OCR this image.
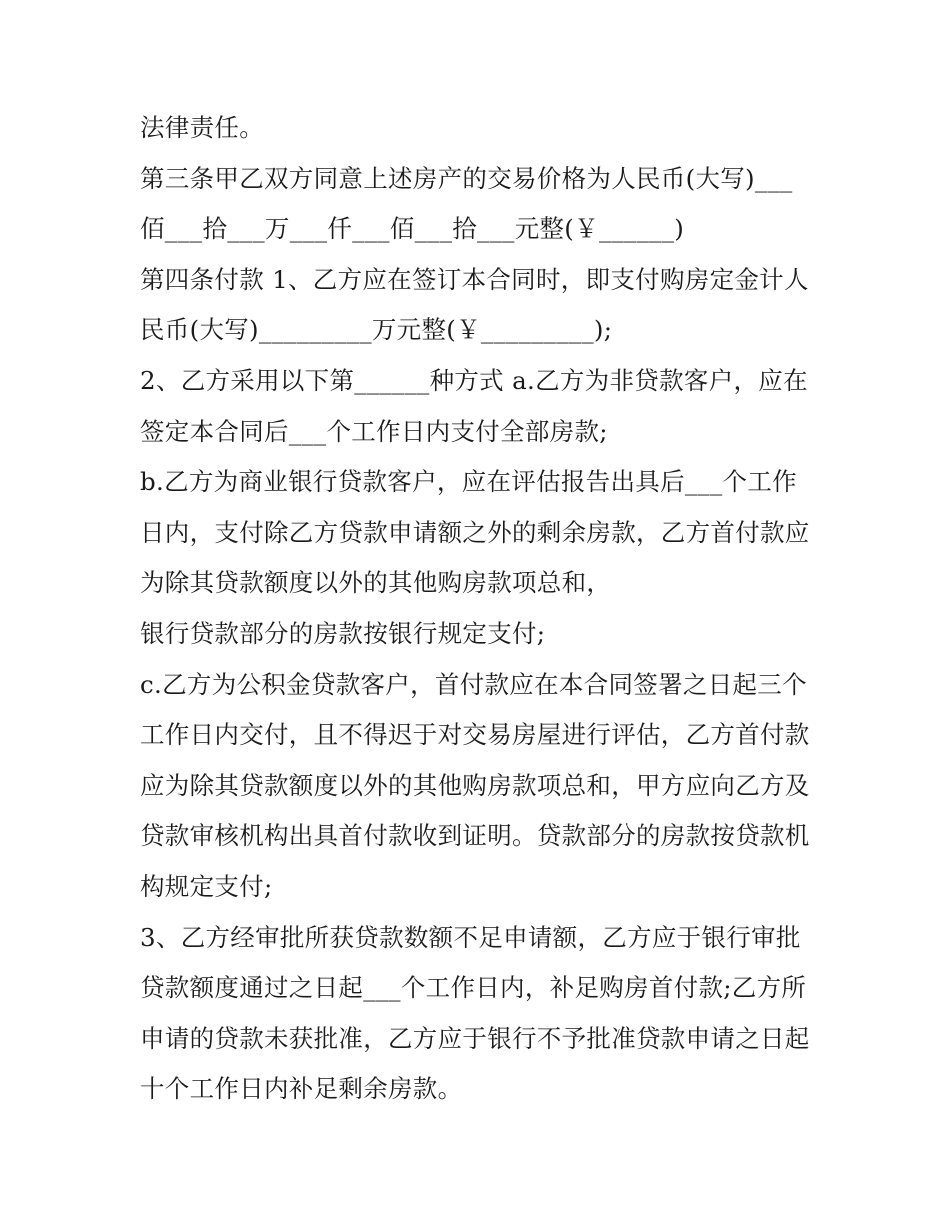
法律责任。

第三条甲乙双方同意上述房产的交易价格为人民币(大写)___

佰___拾___万___仟___佰___拾___元整(￥______)

第四条付款 1、乙方应在签订本合同时，即支付购房定金计人

民币(大写)_________万元整(￥_________);

2、乙方采用以下第______种方式 a.乙方为非贷款客户，应在

签定本合同后___个工作日内支付全部房款;

b.乙方为商业银行贷款客户，应在评估报告出具后___个工作

日内，支付除乙方贷款申请额之外的剩余房款，乙方首付款应

为除其贷款额度以外的其他购房款项总和，

银行贷款部分的房款按银行规定支付;

c.乙方为公积金贷款客户，首付款应在本合同签署之日起三个

工作日内交付，且不得迟于对交易房屋进行评估，乙方首付款

应为除其贷款额度以外的其他购房款项总和，甲方应向乙方及

贷款审核机构出具首付款收到证明。贷款部分的房款按贷款机

构规定支付;

3、乙方经审批所获贷款数额不足申请额，乙方应于银行审批

贷款额度通过之日起___个工作日内，补足购房首付款;乙方所

申请的贷款未获批准，乙方应于银行不予批准贷款申请之日起

十个工作日内补足剩余房款。
